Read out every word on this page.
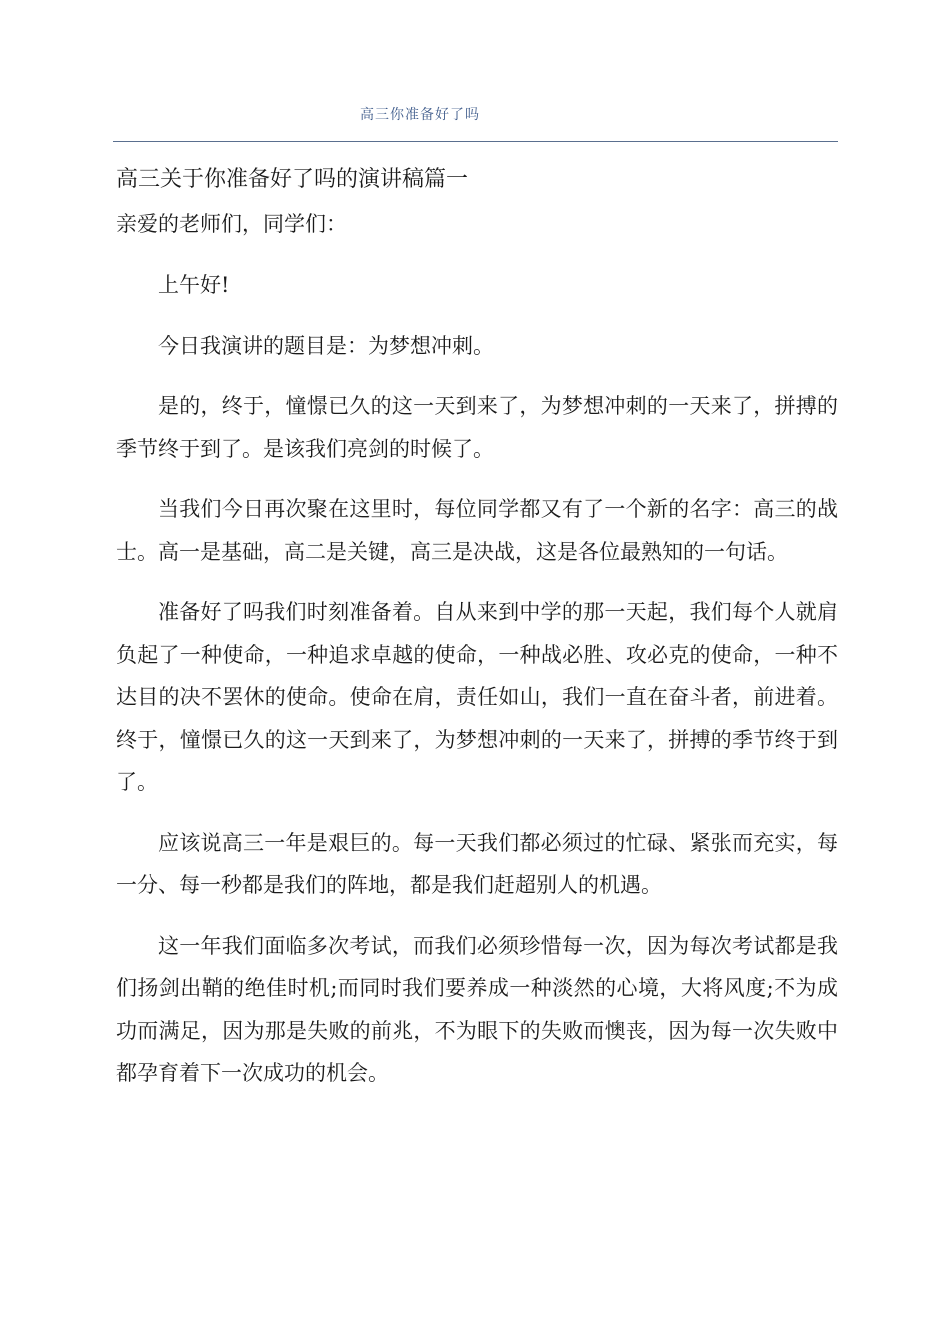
高三你准备好了吗
高三关于你准备好了吗的演讲稿篇一

亲爱的老师们，同学们：

上午好!

今日我演讲的题目是：为梦想冲刺。

是的，终于，憧憬已久的这一天到来了，为梦想冲刺的一天来了，拼搏的季节终于到了。是该我们亮剑的时候了。

当我们今日再次聚在这里时，每位同学都又有了一个新的名字：高三的战士。高一是基础，高二是关键，高三是决战，这是各位最熟知的一句话。

准备好了吗我们时刻准备着。自从来到中学的那一天起，我们每个人就肩负起了一种使命，一种追求卓越的使命，一种战必胜、攻必克的使命，一种不达目的决不罢休的使命。使命在肩，责任如山，我们一直在奋斗者，前进着。终于，憧憬已久的这一天到来了，为梦想冲刺的一天来了，拼搏的季节终于到了。

应该说高三一年是艰巨的。每一天我们都必须过的忙碌、紧张而充实，每一分、每一秒都是我们的阵地，都是我们赶超别人的机遇。

这一年我们面临多次考试，而我们必须珍惜每一次，因为每次考试都是我们扬剑出鞘的绝佳时机;而同时我们要养成一种淡然的心境，大将风度;不为成功而满足，因为那是失败的前兆，不为眼下的失败而懊丧，因为每一次失败中都孕育着下一次成功的机会。
